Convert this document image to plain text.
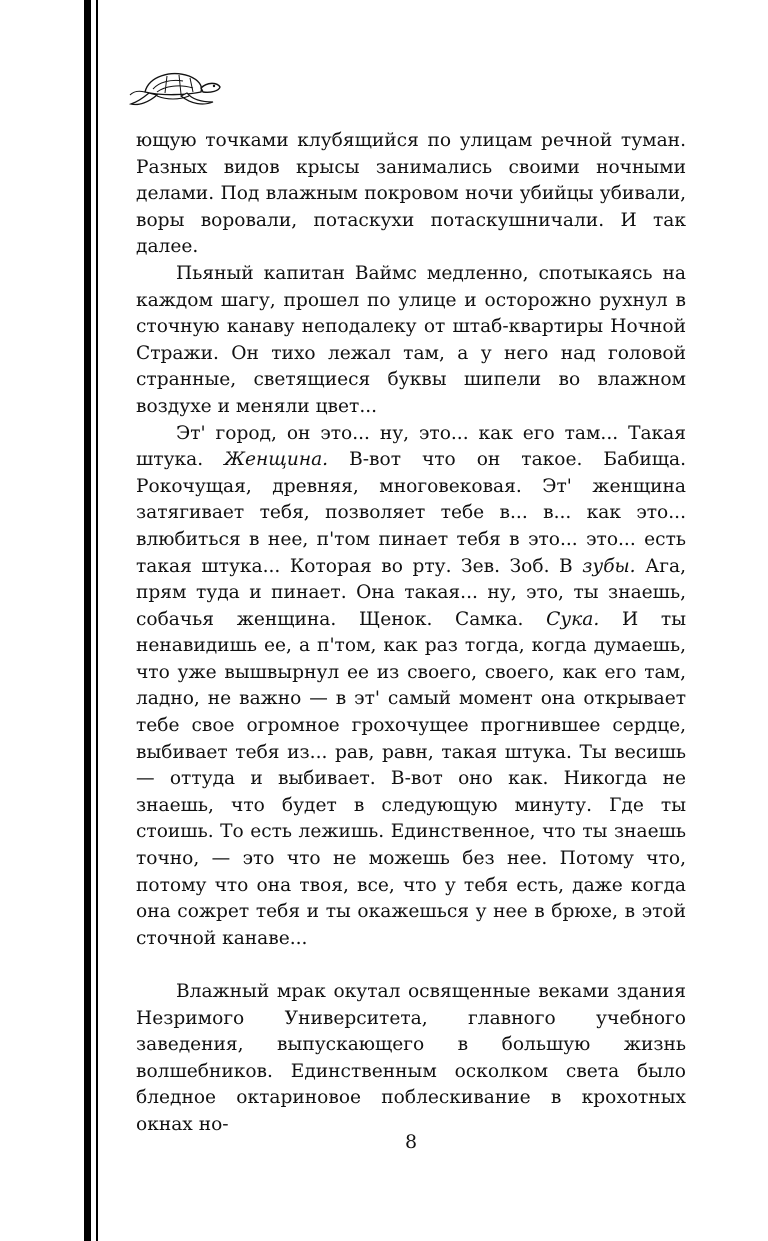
ющую точками клубящийся по улицам речной туман. Разных видов крысы занимались своими ночными делами. Под влажным покровом ночи убийцы убивали, воры воровали, потаскухи потаскушничали. И так далее.

Пьяный капитан Ваймс медленно, спотыкаясь на каждом шагу, прошел по улице и осторожно рухнул в сточную канаву неподалеку от штаб-квартиры Ночной Стражи. Он тихо лежал там, а у него над головой странные, светящиеся буквы шипели во влажном воздухе и меняли цвет...

Эт' город, он это... ну, это... как его там... Такая штука. Женщина. В-вот что он такое. Бабища. Рокочущая, древняя, многовековая. Эт' женщина затягивает тебя, позволяет тебе в... в... как это... влюбиться в нее, п'том пинает тебя в это... это... есть такая штука... Которая во рту. Зев. Зоб. В зубы. Ага, прям туда и пинает. Она такая... ну, это, ты знаешь, собачья женщина. Щенок. Самка. Сука. И ты ненавидишь ее, а п'том, как раз тогда, когда думаешь, что уже вышвырнул ее из своего, своего, как его там, ладно, не важно — в эт' самый момент она открывает тебе свое огромное грохочущее прогнившее сердце, выбивает тебя из... рав, равн, такая штука. Ты весишь — оттуда и выбивает. В-вот оно как. Никогда не знаешь, что будет в следующую минуту. Где ты стоишь. То есть лежишь. Единственное, что ты знаешь точно, — это что не можешь без нее. Потому что, потому что она твоя, все, что у тебя есть, даже когда она сожрет тебя и ты окажешься у нее в брюхе, в этой сточной канаве...

Влажный мрак окутал освященные веками здания Незримого Университета, главного учебного заведения, выпускающего в большую жизнь волшебников. Единственным осколком света было бледное октариновое поблескивание в крохотных окнах но-

8
